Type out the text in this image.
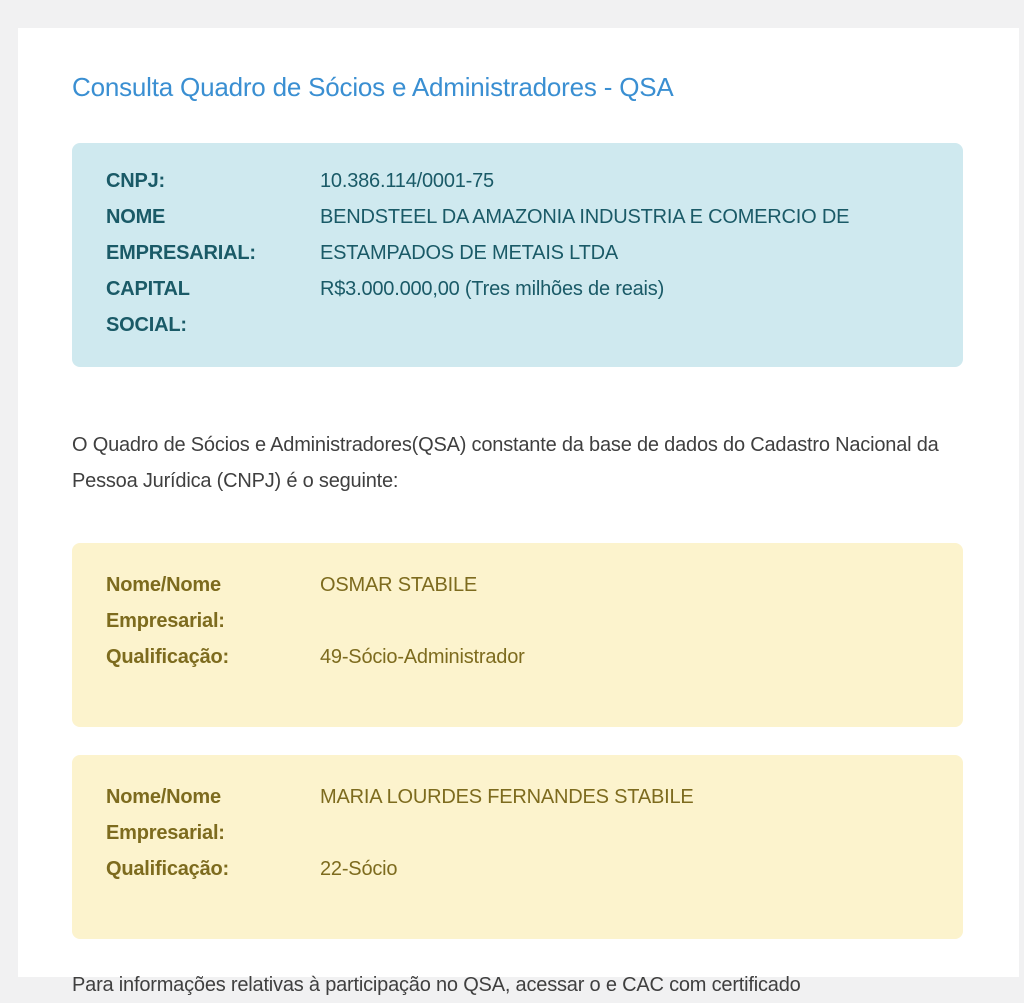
Consulta Quadro de Sócios e Administradores - QSA
CNPJ:	10.386.114/0001-75
NOME EMPRESARIAL:
BENDSTEEL DA AMAZONIA INDUSTRIA E COMERCIO DE ESTAMPADOS DE METAIS LTDA
CAPITAL SOCIAL:
R$3.000.000,00 (Tres milhões de reais)

O Quadro de Sócios e Administradores(QSA) constante da base de dados do Cadastro Nacional da Pessoa Jurídica (CNPJ) é o seguinte:

Nome/Nome Empresarial:
OSMAR STABILE
Qualificação:	49-Sócio-Administrador
Nome/Nome Empresarial:
MARIA LOURDES FERNANDES STABILE
Qualificação:	22-Sócio

Para informações relativas à participação no QSA, acessar o e CAC com certificado
